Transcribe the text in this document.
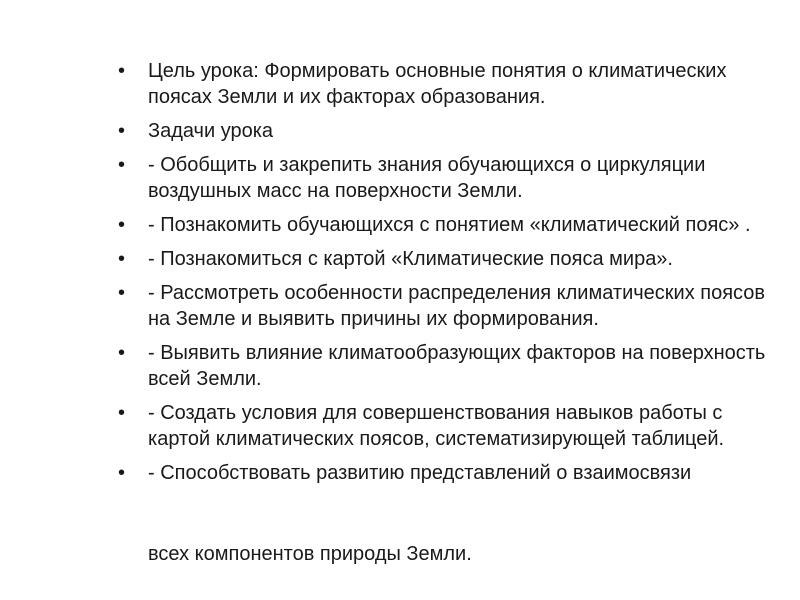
•	Цель урока: Формировать основные понятия о климатических поясах Земли и их факторах образования.
•	Задачи урока
•	- Обобщить и закрепить знания обучающихся о циркуляции воздушных масс на поверхности Земли.
•	- Познакомить обучающихся с понятием «климатический пояс» .
•	- Познакомиться с картой «Климатические пояса мира».
•	- Рассмотреть особенности распределения климатических поясов на Земле и выявить причины их формирования.
•	- Выявить влияние климатообразующих факторов на поверхность всей Земли.
•	- Создать условия для совершенствования навыков работы с картой климатических поясов, систематизирующей таблицей.
•	- Способствовать развитию представлений о взаимосвязи
всех компонентов природы Земли.
